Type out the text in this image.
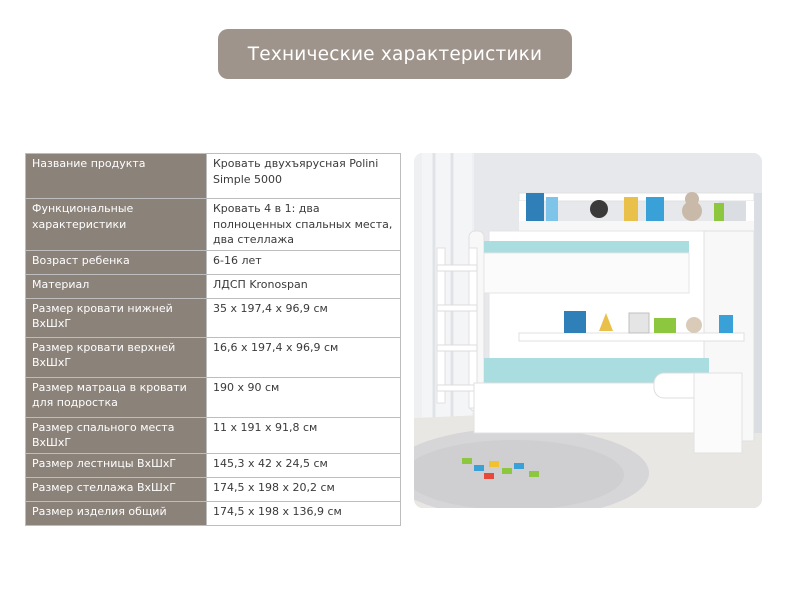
Технические характеристики
Название продукта	Кровать двухъярусная Polini Simple 5000
Функциональные характеристики	Кровать 4 в 1: два полноценных спальных места, два стеллажа
Возраст ребенка	6-16 лет
Материал	ЛДСП Kronospan
Размер кровати нижней ВхШхГ	35 x 197,4 x 96,9 см
Размер кровати верхней ВхШхГ	16,6 x 197,4 x 96,9 см
Размер матраца в кровати для подростка	190 x 90 см
Размер спального места ВхШхГ	11 x 191 x 91,8 см
Размер лестницы ВхШхГ	145,3 x 42 x 24,5 см
Размер стеллажа ВхШхГ	174,5 x 198 x 20,2 см
Размер изделия общий	174,5 x 198 x 136,9 см
